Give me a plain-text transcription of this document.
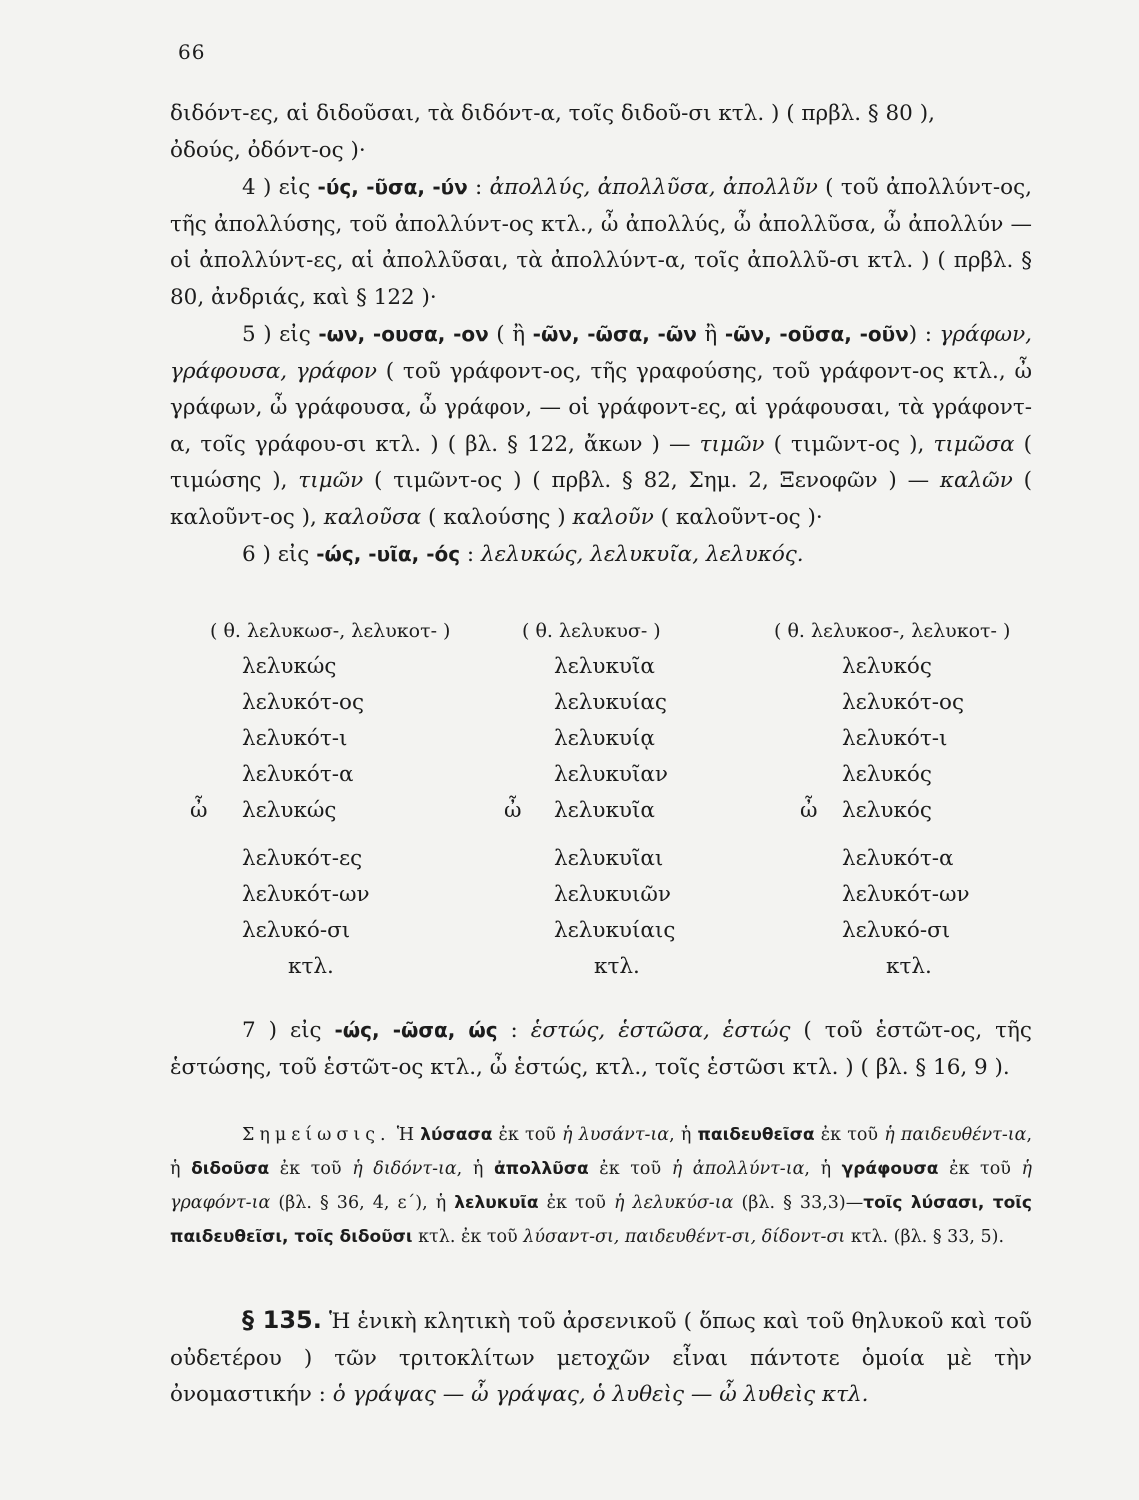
66

διδόντ-ες, αἱ διδοῦσαι, τὰ διδόντ-α, τοῖς διδοῦ-σι κτλ. ) ( πρβλ. § 80 ),
ὀδούς, ὀδόντ-ος )·

4 ) εἰς -ύς, -ῦσα, -ύν : ἀπολλύς, ἀπολλῦσα, ἀπολλῦν ( τοῦ ἀπολλύντ-ος, τῆς ἀπολλύσης, τοῦ ἀπολλύντ-ος κτλ., ὦ ἀπολλύς, ὦ ἀπολλῦσα, ὦ ἀπολλύν — οἱ ἀπολλύντ-ες, αἱ ἀπολλῦσαι, τὰ ἀπολλύντ-α, τοῖς ἀπολλῦ-σι κτλ. ) ( πρβλ. § 80, ἀνδριάς, καὶ § 122 )·

5 ) εἰς -ων, -ουσα, -ον ( ἢ -ῶν, -ῶσα, -ῶν ἢ -ῶν, -οῦσα, -οῦν) : γράφων, γράφουσα, γράφον ( τοῦ γράφοντ-ος, τῆς γραφούσης, τοῦ γράφοντ-ος κτλ., ὦ γράφων, ὦ γράφουσα, ὦ γράφον, — οἱ γράφοντ-ες, αἱ γράφουσαι, τὰ γράφοντ-α, τοῖς γράφου-σι κτλ. ) ( βλ. § 122, ἄκων ) — τιμῶν ( τιμῶντ-ος ), τιμῶσα ( τιμώσης ), τιμῶν ( τιμῶντ-ος ) ( πρβλ. § 82, Σημ. 2, Ξενοφῶν ) — καλῶν ( καλοῦντ-ος ), καλοῦσα ( καλούσης ) καλοῦν ( καλοῦντ-ος )·

6 ) εἰς -ώς, -υῖα, -ός : λελυκώς, λελυκυῖα, λελυκός.

( θ. λελυκωσ-, λελυκοτ- )
λελυκώς
λελυκότ-ος
λελυκότ-ι
λελυκότ-α
ὦ λελυκώς
λελυκότ-ες
λελυκότ-ων
λελυκό-σι
κτλ.
( θ. λελυκυσ- )
λελυκυῖα
λελυκυίας
λελυκυίᾳ
λελυκυῖαν
ὦ λελυκυῖα
λελυκυῖαι
λελυκυιῶν
λελυκυίαις
κτλ.
( θ. λελυκοσ-, λελυκοτ- )
λελυκός
λελυκότ-ος
λελυκότ-ι
λελυκός
ὦ λελυκός
λελυκότ-α
λελυκότ-ων
λελυκό-σι
κτλ.

7 ) εἰς -ώς, -ῶσα, ώς : ἑστώς, ἑστῶσα, ἑστώς ( τοῦ ἑστῶτ-ος, τῆς ἑστώσης, τοῦ ἑστῶτ-ος κτλ., ὦ ἑστώς, κτλ., τοῖς ἑστῶσι κτλ. ) ( βλ. § 16, 9 ).

Σημείωσις. Ἡ λύσασα ἐκ τοῦ ἡ λυσάντ-ια, ἡ παιδευθεῖσα ἐκ τοῦ ἡ παιδευθέντ-ια, ἡ διδοῦσα ἐκ τοῦ ἡ διδόντ-ια, ἡ ἀπολλῦσα ἐκ τοῦ ἡ ἀπολλύντ-ια, ἡ γράφουσα ἐκ τοῦ ἡ γραφόντ-ια (βλ. § 36, 4, ε΄), ἡ λελυκυῖα ἐκ τοῦ ἡ λελυκύσ-ια (βλ. § 33,3)—τοῖς λύσασι, τοῖς παιδευθεῖσι, τοῖς διδοῦσι κτλ. ἐκ τοῦ λύσαντ-σι, παιδευθέντ-σι, δίδοντ-σι κτλ. (βλ. § 33, 5).
§ 135. Ἡ ἑνικὴ κλητικὴ τοῦ ἀρσενικοῦ ( ὅπως καὶ τοῦ θηλυκοῦ καὶ τοῦ οὐδετέρου ) τῶν τριτοκλίτων μετοχῶν εἶναι πάντοτε ὁμοία μὲ τὴν ὀνομαστικήν : ὁ γράψας — ὦ γράψας, ὁ λυθεὶς — ὦ λυθεὶς κτλ.
